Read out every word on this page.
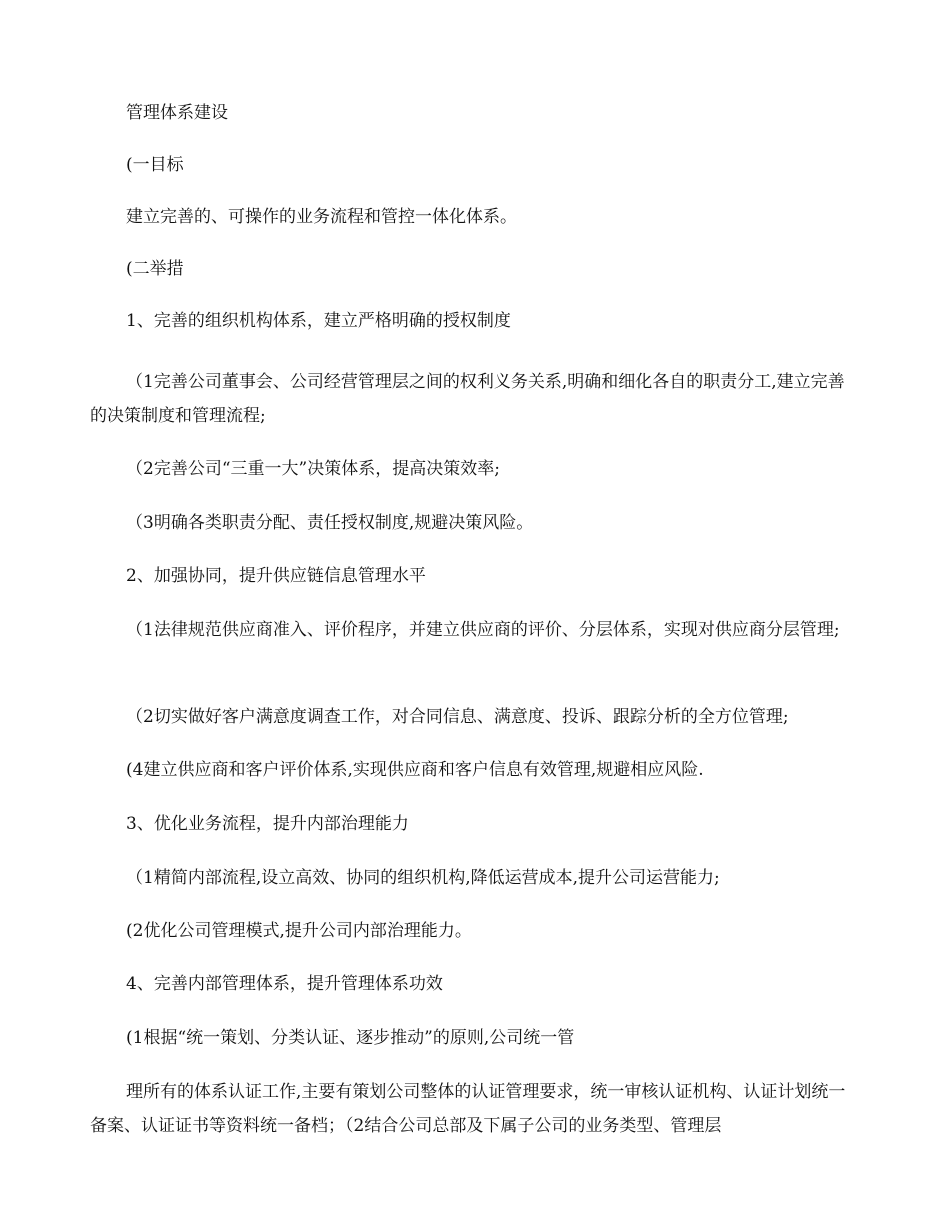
管理体系建设

(一目标

建立完善的、可操作的业务流程和管控一体化体系。

(二举措

1、完善的组织机构体系，建立严格明确的授权制度

（1完善公司董事会、公司经营管理层之间的权利义务关系,明确和细化各自的职责分工,建立完善的决策制度和管理流程;

（2完善公司“三重一大”决策体系，提高决策效率;

（3明确各类职责分配、责任授权制度,规避决策风险。

2、加强协同，提升供应链信息管理水平

（1法律规范供应商准入、评价程序，并建立供应商的评价、分层体系，实现对供应商分层管理;

（2切实做好客户满意度调查工作，对合同信息、满意度、投诉、跟踪分析的全方位管理;

(4建立供应商和客户评价体系,实现供应商和客户信息有效管理,规避相应风险.

3、优化业务流程，提升内部治理能力

（1精简内部流程,设立高效、协同的组织机构,降低运营成本,提升公司运营能力;

(2优化公司管理模式,提升公司内部治理能力。

4、完善内部管理体系，提升管理体系功效

(1根据“统一策划、分类认证、逐步推动”的原则,公司统一管

理所有的体系认证工作,主要有策划公司整体的认证管理要求，统一审核认证机构、认证计划统一备案、认证证书等资料统一备档；（2结合公司总部及下属子公司的业务类型、管理层
